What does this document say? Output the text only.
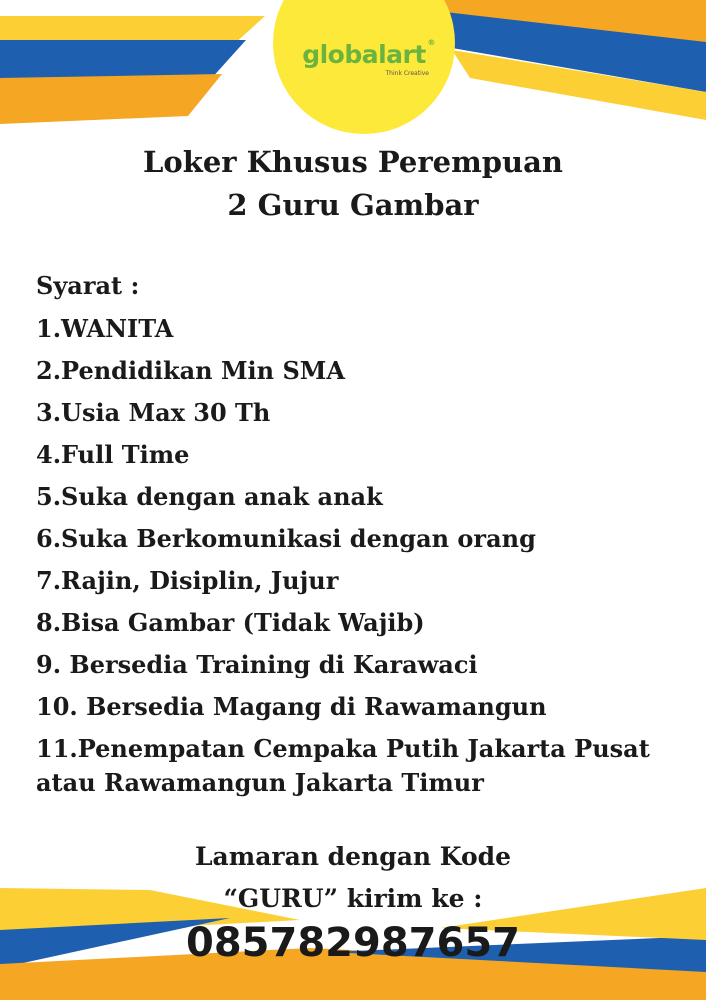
globalart ®
Think Creative
Loker Khusus Perempuan
2 Guru Gambar

Syarat :

1.WANITA
2.Pendidikan Min SMA
3.Usia Max 30 Th
4.Full Time
5.Suka dengan anak anak
6.Suka Berkomunikasi dengan orang
7.Rajin, Disiplin, Jujur
8.Bisa Gambar (Tidak Wajib)
9. Bersedia Training di Karawaci
10. Bersedia Magang di Rawamangun
11.Penempatan Cempaka Putih Jakarta Pusat atau Rawamangun Jakarta Timur

Lamaran dengan Kode

“GURU” kirim ke :

085782987657
